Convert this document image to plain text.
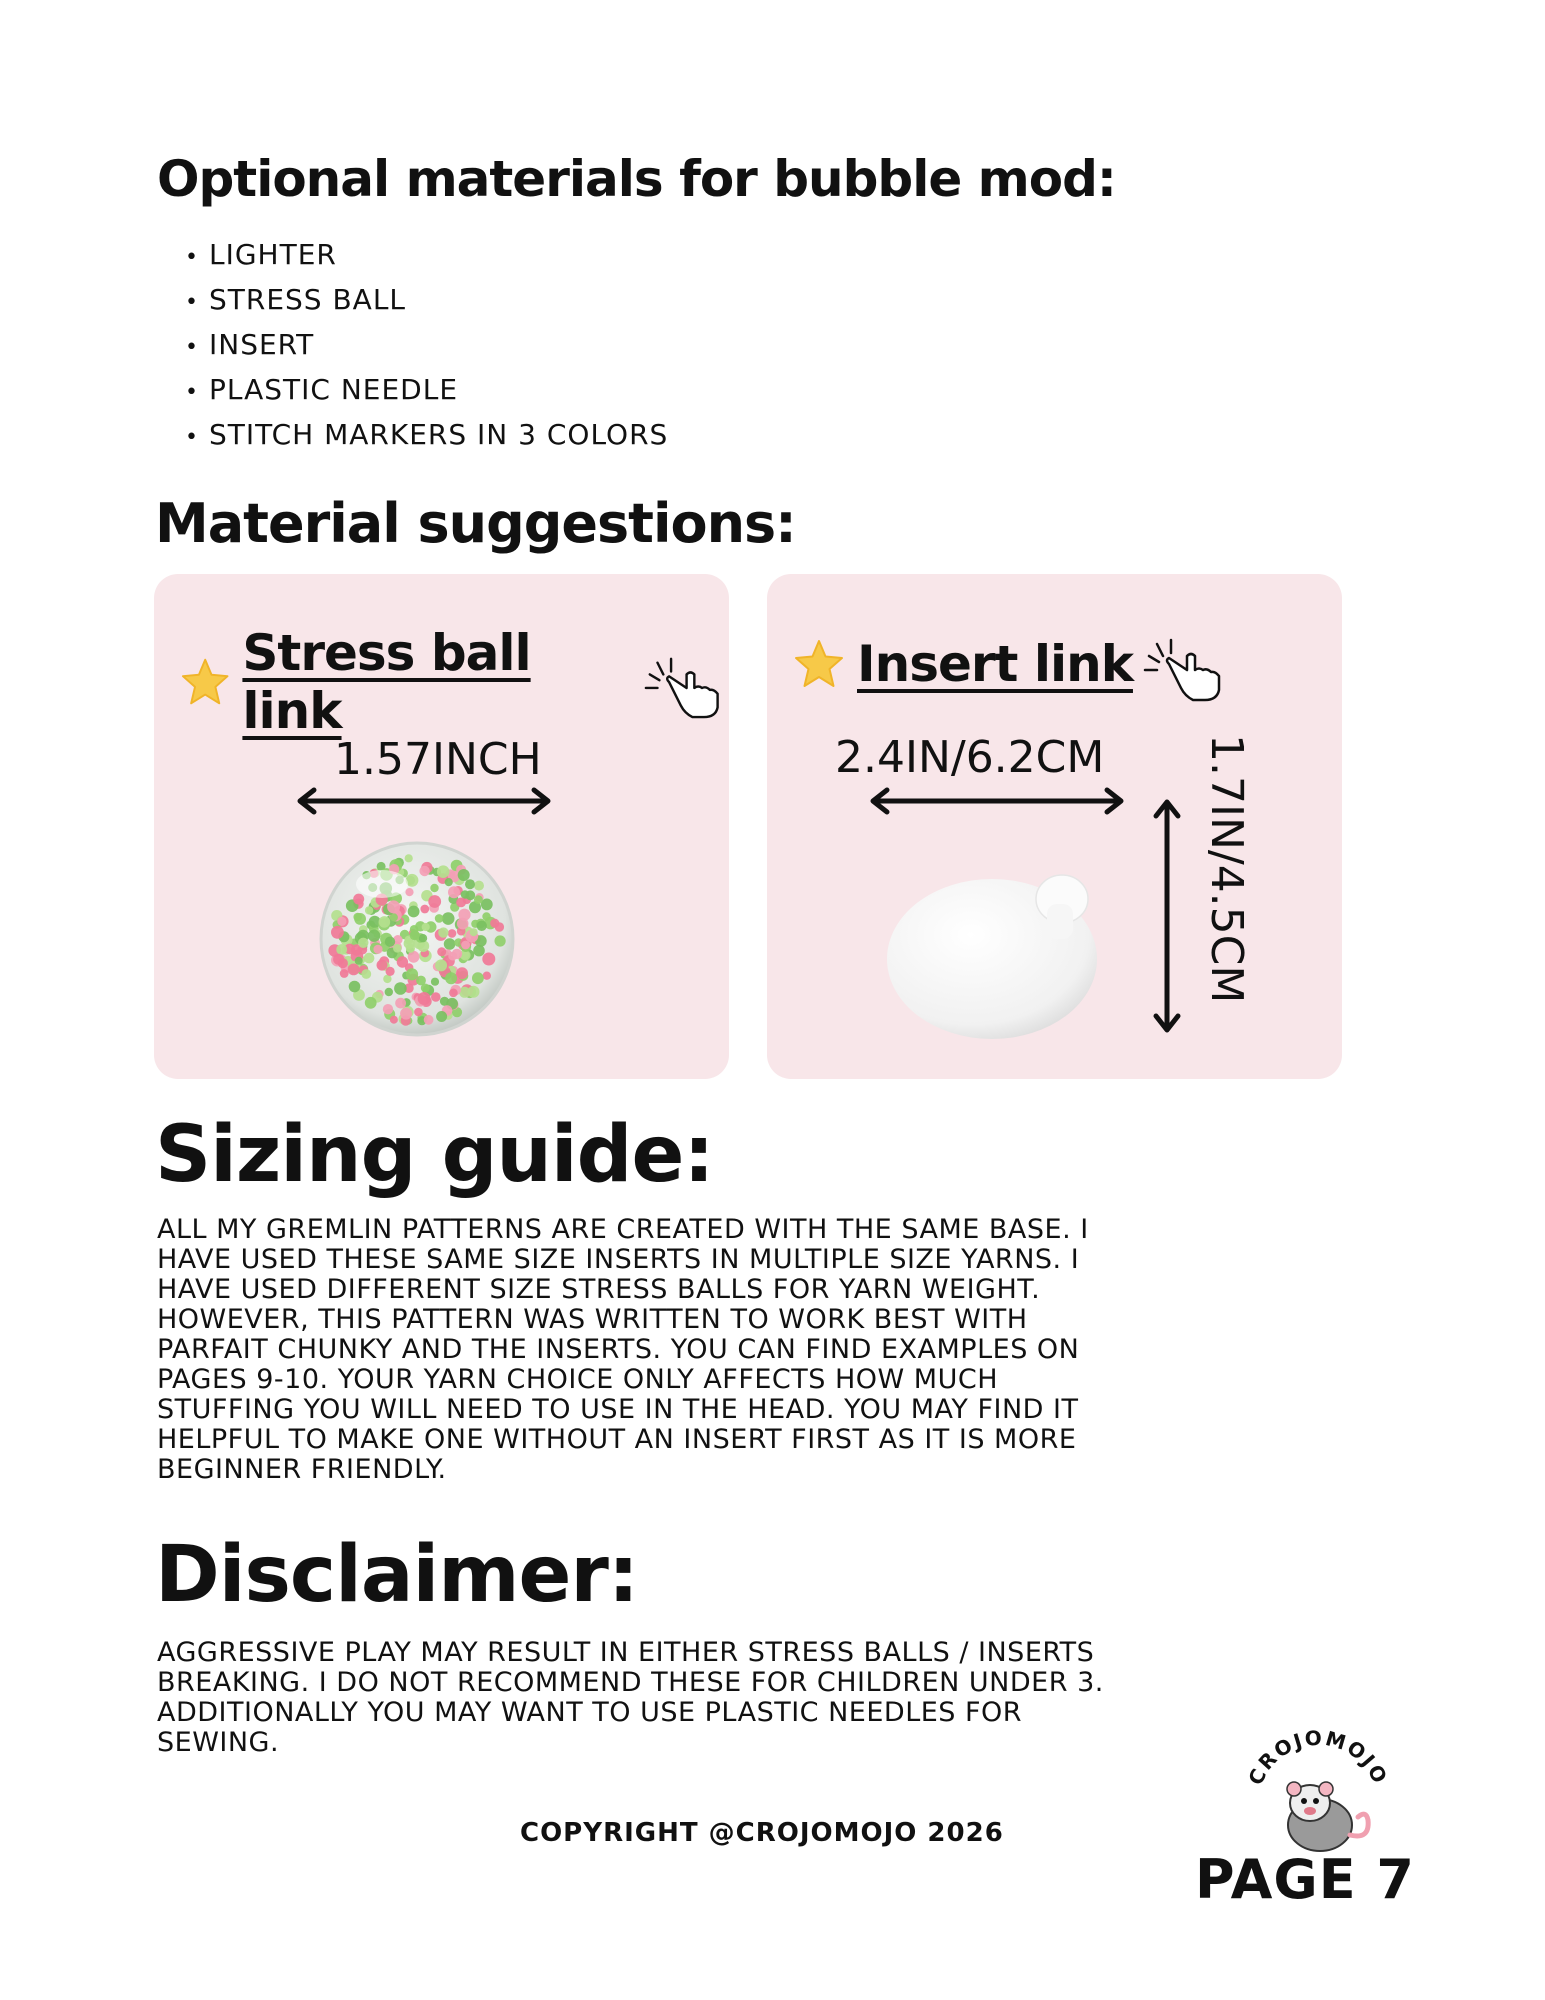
Optional materials for bubble mod:
• LIGHTER
• STRESS BALL
• INSERT
• PLASTIC NEEDLE
• STITCH MARKERS IN 3 COLORS
Material suggestions:
Stress ball link
1.57INCH
Insert link
2.4IN/6.2CM 1.7IN/4.5CM
Sizing guide:

ALL MY GREMLIN PATTERNS ARE CREATED WITH THE SAME BASE. I HAVE USED THESE SAME SIZE INSERTS IN MULTIPLE SIZE YARNS. I HAVE USED DIFFERENT SIZE STRESS BALLS FOR YARN WEIGHT. HOWEVER, THIS PATTERN WAS WRITTEN TO WORK BEST WITH PARFAIT CHUNKY AND THE INSERTS. YOU CAN FIND EXAMPLES ON PAGES 9-10. YOUR YARN CHOICE ONLY AFFECTS HOW MUCH STUFFING YOU WILL NEED TO USE IN THE HEAD. YOU MAY FIND IT HELPFUL TO MAKE ONE WITHOUT AN INSERT FIRST AS IT IS MORE BEGINNER FRIENDLY.

Disclaimer:

AGGRESSIVE PLAY MAY RESULT IN EITHER STRESS BALLS / INSERTS BREAKING. I DO NOT RECOMMEND THESE FOR CHILDREN UNDER 3. ADDITIONALLY YOU MAY WANT TO USE PLASTIC NEEDLES FOR SEWING.

COPYRIGHT @CROJOMOJO 2026
CROJOMOJO
PAGE 7
